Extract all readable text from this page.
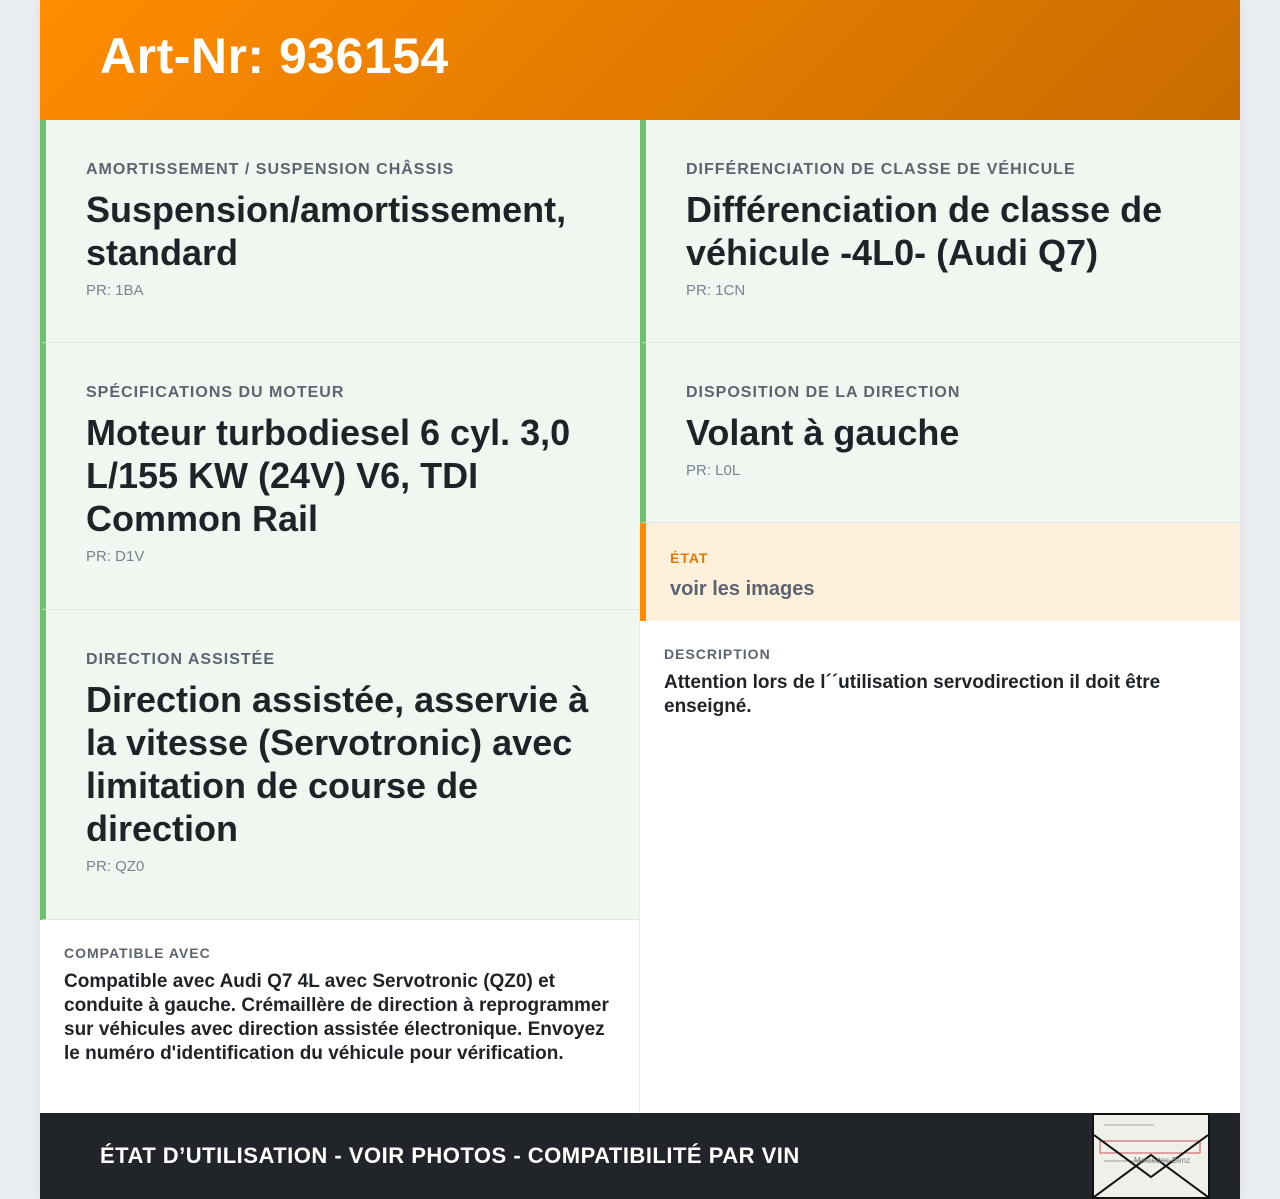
Art-Nr: 936154
AMORTISSEMENT / SUSPENSION CHÂSSIS
Suspension/amortissement, standard
PR: 1BA
SPÉCIFICATIONS DU MOTEUR
Moteur turbodiesel 6 cyl. 3,0 L/155 KW (24V) V6, TDI Common Rail
PR: D1V
DIRECTION ASSISTÉE
Direction assistée, asservie à la vitesse (Servotronic) avec limitation de course de direction
PR: QZ0
COMPATIBLE AVEC
Compatible avec Audi Q7 4L avec Servotronic (QZ0) et conduite à gauche. Crémaillère de direction à reprogrammer sur véhicules avec direction assistée électronique. Envoyez le numéro d'identification du véhicule pour vérification.
DIFFÉRENCIATION DE CLASSE DE VÉHICULE
Différenciation de classe de véhicule -4L0- (Audi Q7)
PR: 1CN
DISPOSITION DE LA DIRECTION
Volant à gauche
PR: L0L
ÉTAT
voir les images
DESCRIPTION
Attention lors de l´´utilisation servodirection il doit être enseigné.
ÉTAT D’UTILISATION - VOIR PHOTOS - COMPATIBILITÉ PAR VIN	Mercedes-Benz
